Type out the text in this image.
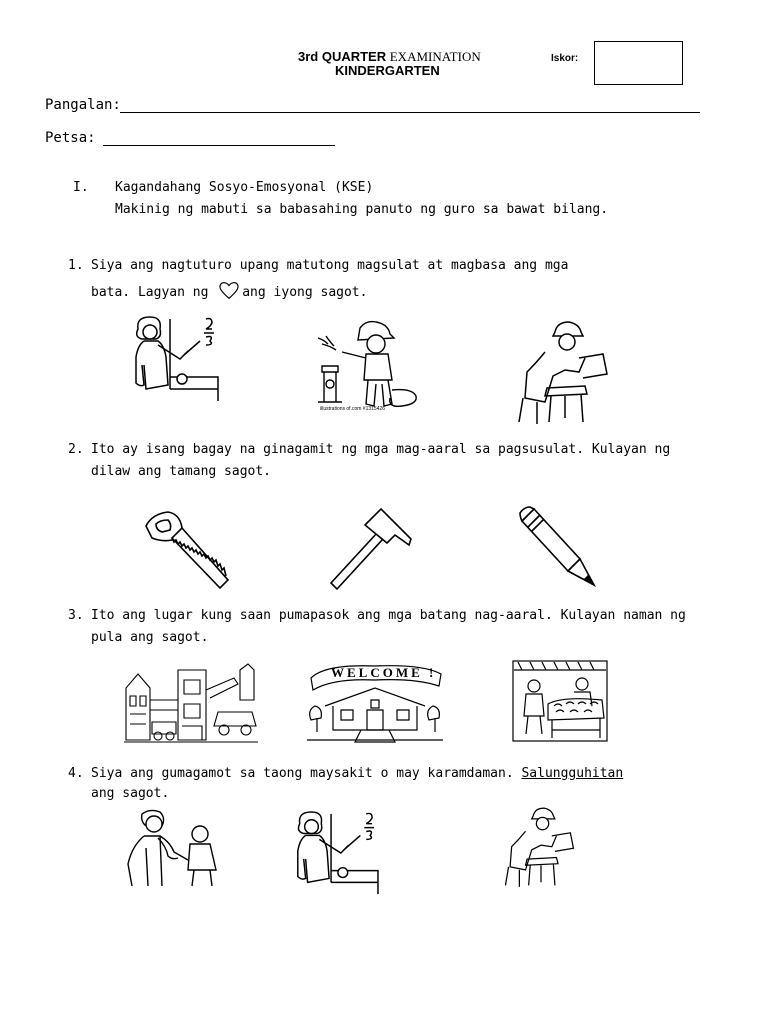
3rd QUARTER EXAMINATION
KINDERGARTEN
Iskor:
Pangalan:
Petsa:
I. Kagandahang Sosyo-Emosyonal (KSE)
Makinig ng mabuti sa babasahing panuto ng guro sa bawat bilang.
1. Siya ang nagtuturo upang matutong magsulat at magbasa ang mga
bata. Lagyan ng	ang iyong sagot.
illustrations of.com #1315426
2. Ito ay isang bagay na ginagamit ng mga mag-aaral sa pagsusulat. Kulayan ng
dilaw ang tamang sagot.
3. Ito ang lugar kung saan pumapasok ang mga batang nag-aaral. Kulayan naman ng
pula ang sagot.
WELCOME !
4. Siya ang gumagamot sa taong maysakit o may karamdaman. Salungguhitan
ang sagot.
